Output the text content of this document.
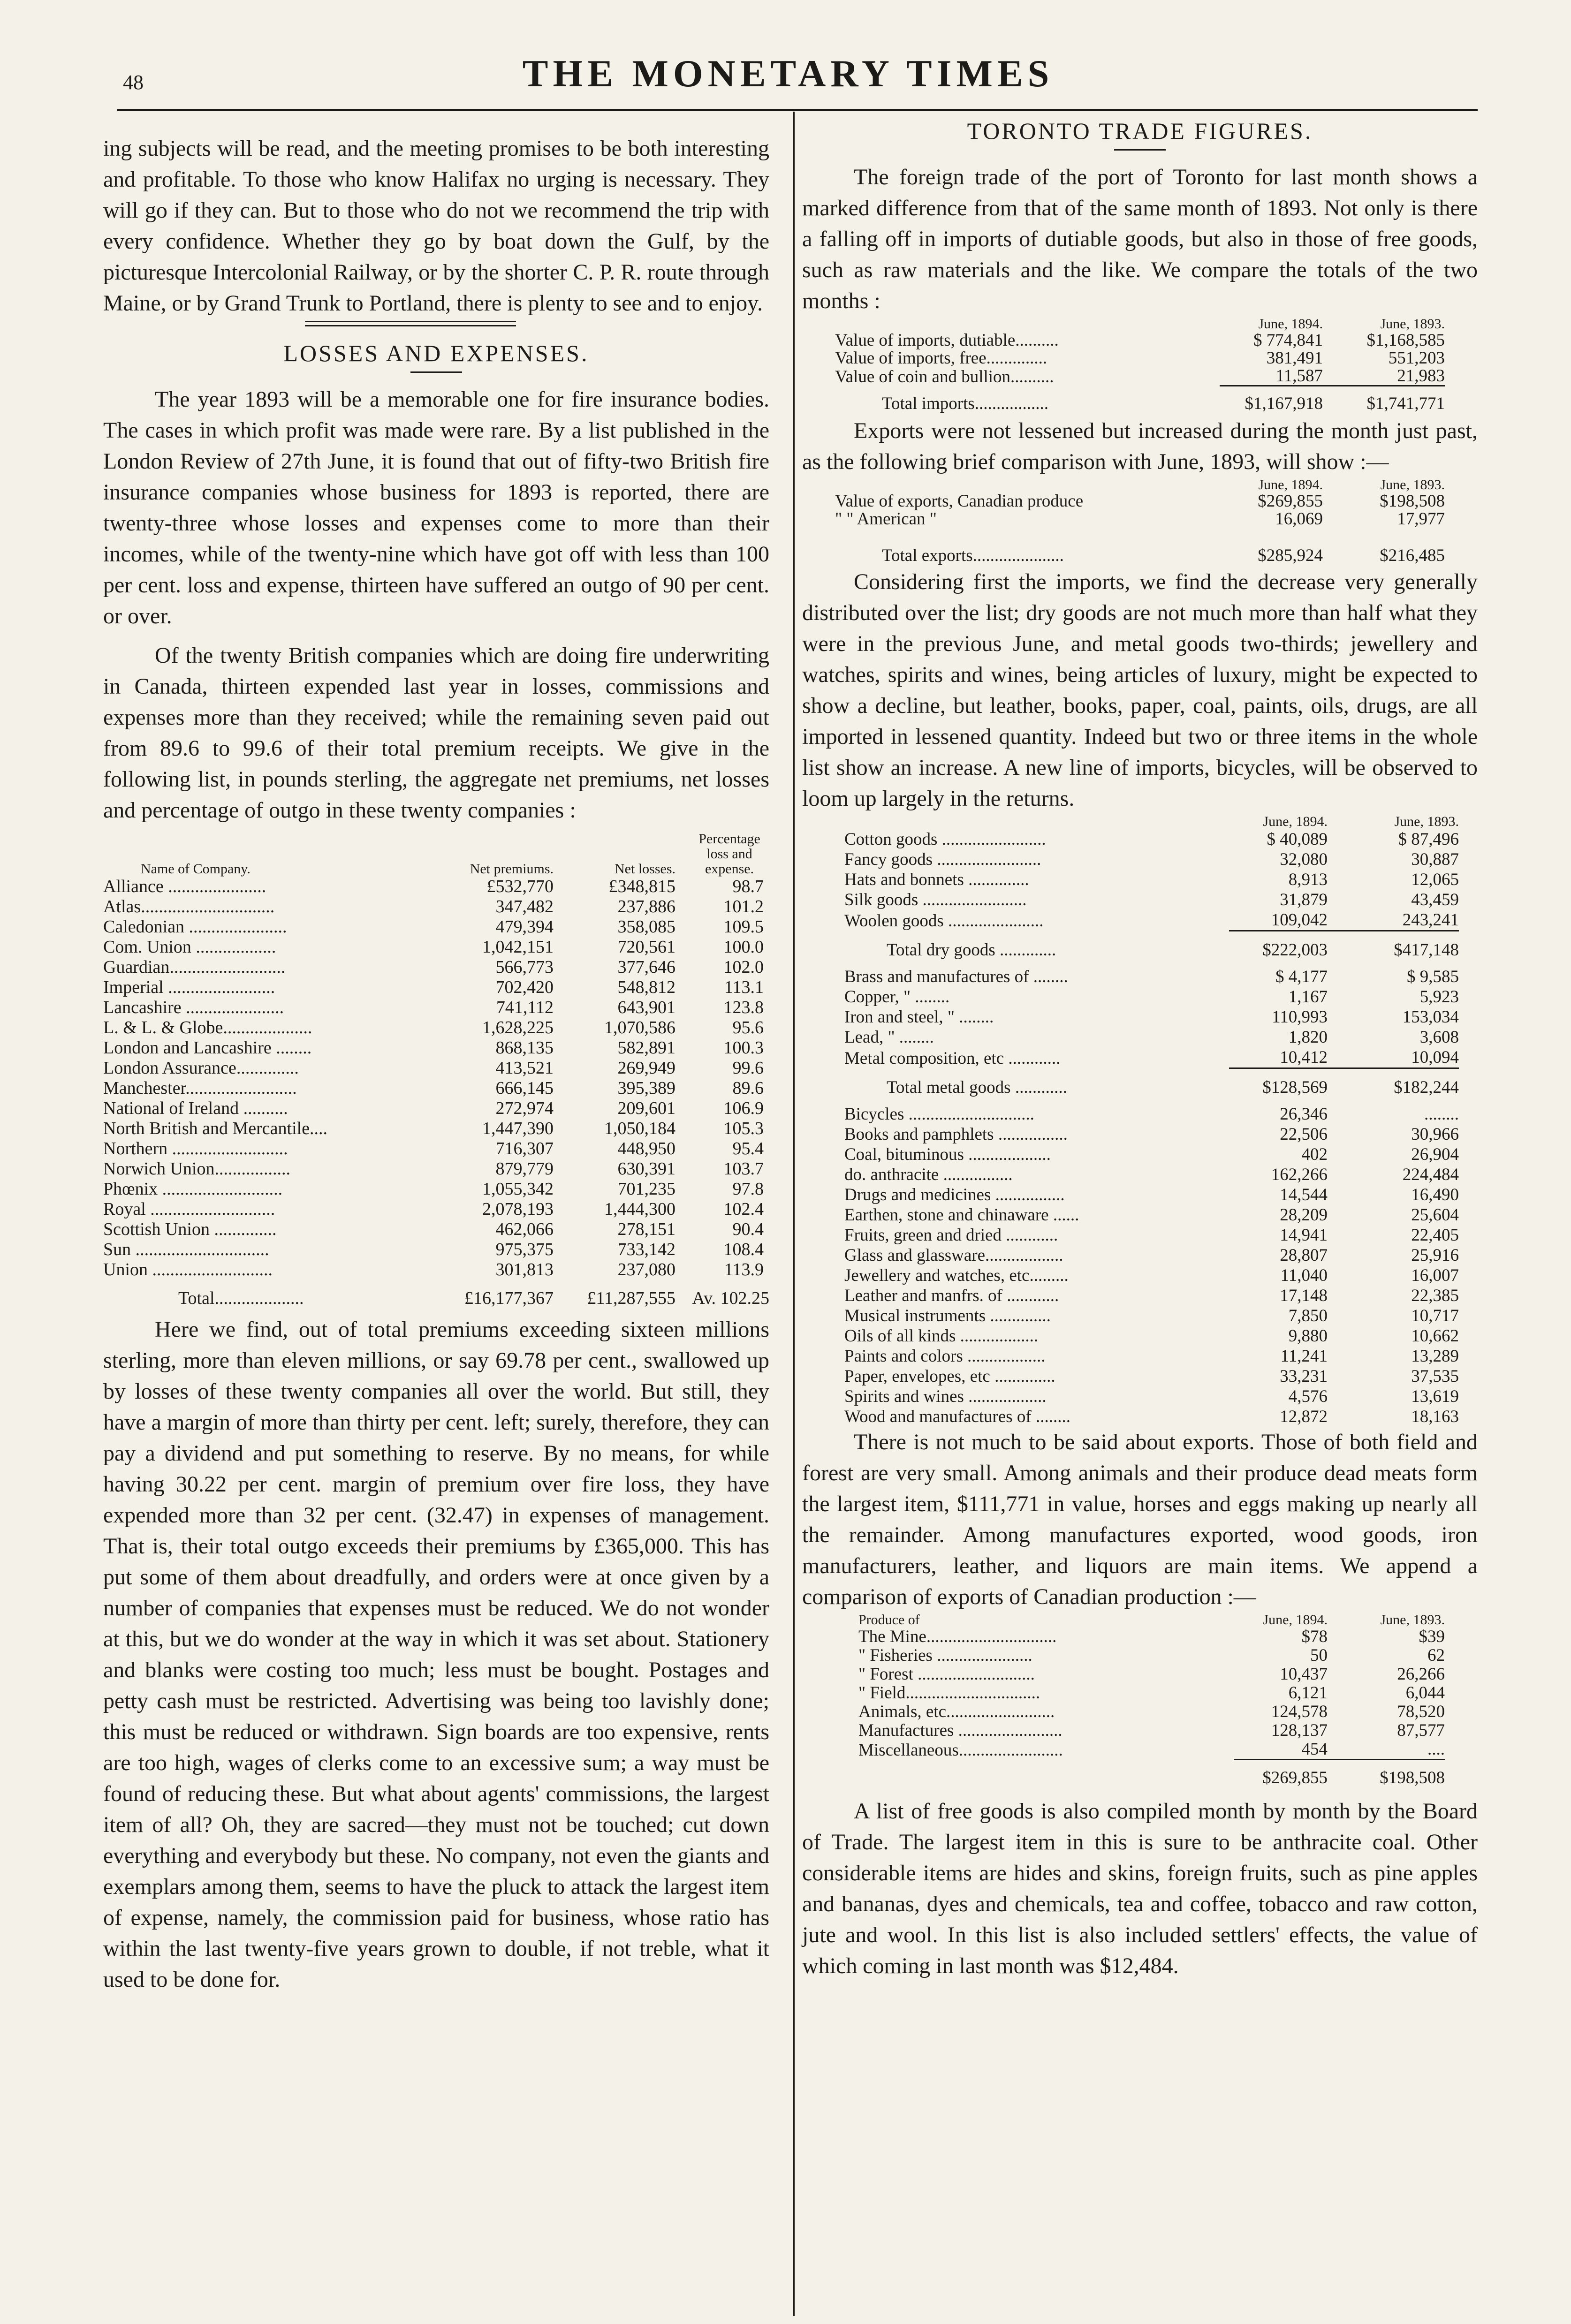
48	THE MONETARY TIMES

ing subjects will be read, and the meeting promises to be both interesting and profitable. To those who know Halifax no urging is necessary. They will go if they can. But to those who do not we recommend the trip with every confidence. Whether they go by boat down the Gulf, by the picturesque Intercolonial Railway, or by the shorter C. P. R. route through Maine, or by Grand Trunk to Portland, there is plenty to see and to enjoy.

LOSSES AND EXPENSES.

The year 1893 will be a memorable one for fire insurance bodies. The cases in which profit was made were rare. By a list published in the London Review of 27th June, it is found that out of fifty-two British fire insurance companies whose business for 1893 is reported, there are twenty-three whose losses and expenses come to more than their incomes, while of the twenty-nine which have got off with less than 100 per cent. loss and expense, thirteen have suffered an outgo of 90 per cent. or over.

Of the twenty British companies which are doing fire underwriting in Canada, thirteen expended last year in losses, commissions and expenses more than they received; while the remaining seven paid out from 89.6 to 99.6 of their total premium receipts. We give in the following list, in pounds sterling, the aggregate net premiums, net losses and percentage of outgo in these twenty companies :

Name of Company.	Net premiums.	Net losses.	Percentage loss and expense.
Alliance ......................	£532,770	£348,815	98.7
Atlas..............................	347,482	237,886	101.2
Caledonian ......................	479,394	358,085	109.5
Com. Union ..................	1,042,151	720,561	100.0
Guardian..........................	566,773	377,646	102.0
Imperial ........................	702,420	548,812	113.1
Lancashire ......................	741,112	643,901	123.8
L. & L. & Globe....................	1,628,225	1,070,586	95.6
London and Lancashire ........	868,135	582,891	100.3
London Assurance..............	413,521	269,949	99.6
Manchester.........................	666,145	395,389	89.6
National of Ireland ..........	272,974	209,601	106.9
North British and Mercantile....	1,447,390	1,050,184	105.3
Northern ..........................	716,307	448,950	95.4
Norwich Union.................	879,779	630,391	103.7
Phœnix ...........................	1,055,342	701,235	97.8
Royal ............................	2,078,193	1,444,300	102.4
Scottish Union ..............	462,066	278,151	90.4
Sun ..............................	975,375	733,142	108.4
Union ...........................	301,813	237,080	113.9
Total....................	£16,177,367	£11,287,555	Av. 102.25

Here we find, out of total premiums exceeding sixteen millions sterling, more than eleven millions, or say 69.78 per cent., swallowed up by losses of these twenty companies all over the world. But still, they have a margin of more than thirty per cent. left; surely, therefore, they can pay a dividend and put something to reserve. By no means, for while having 30.22 per cent. margin of premium over fire loss, they have expended more than 32 per cent. (32.47) in expenses of management. That is, their total outgo exceeds their premiums by £365,000. This has put some of them about dreadfully, and orders were at once given by a number of companies that expenses must be reduced. We do not wonder at this, but we do wonder at the way in which it was set about. Stationery and blanks were costing too much; less must be bought. Postages and petty cash must be restricted. Advertising was being too lavishly done; this must be reduced or withdrawn. Sign boards are too expensive, rents are too high, wages of clerks come to an excessive sum; a way must be found of reducing these. But what about agents' commissions, the largest item of all? Oh, they are sacred—they must not be touched; cut down everything and everybody but these. No company, not even the giants and exemplars among them, seems to have the pluck to attack the largest item of expense, namely, the commission paid for business, whose ratio has within the last twenty-five years grown to double, if not treble, what it used to be done for.

TORONTO TRADE FIGURES.

The foreign trade of the port of Toronto for last month shows a marked difference from that of the same month of 1893. Not only is there a falling off in imports of dutiable goods, but also in those of free goods, such as raw materials and the like. We compare the totals of the two months :

	June, 1894.	June, 1893.
Value of imports, dutiable..........	$ 774,841	$1,168,585
Value of imports, free..............	381,491	551,203
Value of coin and bullion..........	11,587	21,983
Total imports.................	$1,167,918	$1,741,771

Exports were not lessened but increased during the month just past, as the following brief comparison with June, 1893, will show :—

	June, 1894.	June, 1893.
Value of exports, Canadian produce	$269,855	$198,508
" " American "	16,069	17,977
Total exports.....................	$285,924	$216,485

Considering first the imports, we find the decrease very generally distributed over the list; dry goods are not much more than half what they were in the previous June, and metal goods two-thirds; jewellery and watches, spirits and wines, being articles of luxury, might be expected to show a decline, but leather, books, paper, coal, paints, oils, drugs, are all imported in lessened quantity. Indeed but two or three items in the whole list show an increase. A new line of imports, bicycles, will be observed to loom up largely in the returns.

	June, 1894.	June, 1893.
Cotton goods ........................	$ 40,089	$ 87,496
Fancy goods ........................	32,080	30,887
Hats and bonnets ..............	8,913	12,065
Silk goods ........................	31,879	43,459
Woolen goods ......................	109,042	243,241
Total dry goods .............	$222,003	$417,148
Brass and manufactures of ........	$ 4,177	$ 9,585
Copper, " ........	1,167	5,923
Iron and steel, " ........	110,993	153,034
Lead, " ........	1,820	3,608
Metal composition, etc ............	10,412	10,094
Total metal goods ............	$128,569	$182,244
Bicycles .............................	26,346	........
Books and pamphlets ................	22,506	30,966
Coal, bituminous ...................	402	26,904
do. anthracite ................	162,266	224,484
Drugs and medicines ................	14,544	16,490
Earthen, stone and chinaware ......	28,209	25,604
Fruits, green and dried ............	14,941	22,405
Glass and glassware..................	28,807	25,916
Jewellery and watches, etc.........	11,040	16,007
Leather and manfrs. of ............	17,148	22,385
Musical instruments ..............	7,850	10,717
Oils of all kinds ..................	9,880	10,662
Paints and colors ..................	11,241	13,289
Paper, envelopes, etc ..............	33,231	37,535
Spirits and wines ..................	4,576	13,619
Wood and manufactures of ........	12,872	18,163

There is not much to be said about exports. Those of both field and forest are very small. Among animals and their produce dead meats form the largest item, $111,771 in value, horses and eggs making up nearly all the remainder. Among manufactures exported, wood goods, iron manufacturers, leather, and liquors are main items. We append a comparison of exports of Canadian production :—

Produce of	June, 1894.	June, 1893.
The Mine..............................	$78	$39
" Fisheries ......................	50	62
" Forest ...........................	10,437	26,266
" Field...............................	6,121	6,044
Animals, etc.........................	124,578	78,520
Manufactures ........................	128,137	87,577
Miscellaneous........................	454	....
	$269,855	$198,508

A list of free goods is also compiled month by month by the Board of Trade. The largest item in this is sure to be anthracite coal. Other considerable items are hides and skins, foreign fruits, such as pine apples and bananas, dyes and chemicals, tea and coffee, tobacco and raw cotton, jute and wool. In this list is also included settlers' effects, the value of which coming in last month was $12,484.
